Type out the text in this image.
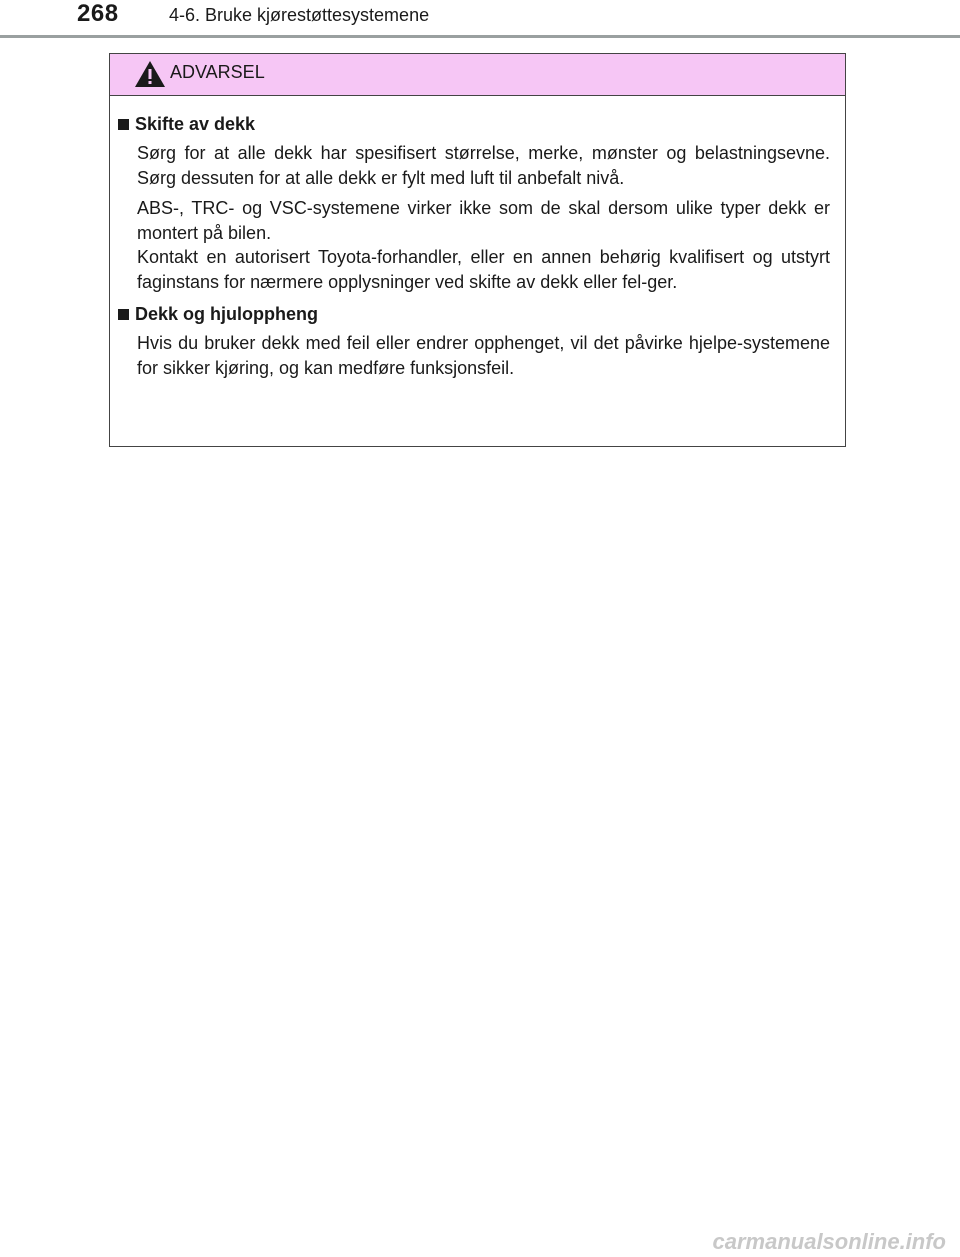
268	4-6. Bruke kjørestøttesystemene
ADVARSEL
Skifte av dekk

Sørg for at alle dekk har spesifisert størrelse, merke, mønster og belastningsevne. Sørg dessuten for at alle dekk er fylt med luft til anbefalt nivå.

ABS-, TRC- og VSC-systemene virker ikke som de skal dersom ulike typer dekk er montert på bilen.

Kontakt en autorisert Toyota-forhandler, eller en annen behørig kvalifisert og utstyrt faginstans for nærmere opplysninger ved skifte av dekk eller fel-ger.

Dekk og hjuloppheng

Hvis du bruker dekk med feil eller endrer opphenget, vil det påvirke hjelpe-systemene for sikker kjøring, og kan medføre funksjonsfeil.

carmanualsonline.info
